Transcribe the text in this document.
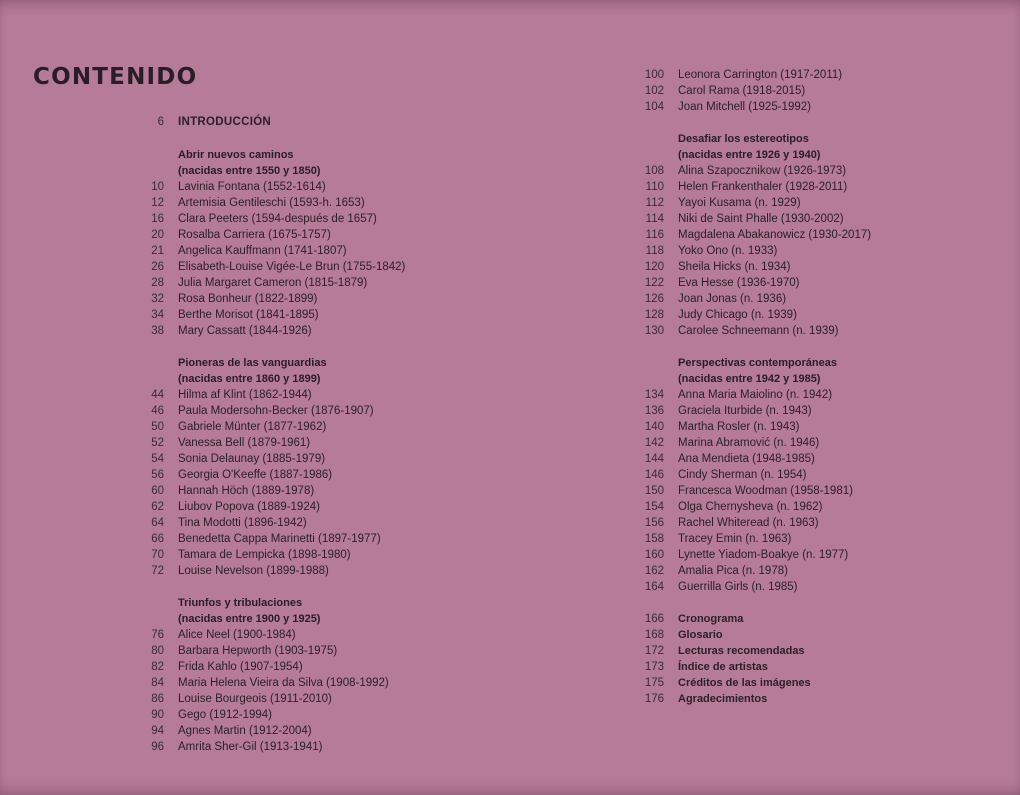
CONTENIDO
6 INTRODUCCIÓN
Abrir nuevos caminos
(nacidas entre 1550 y 1850)
10 Lavinia Fontana (1552-1614)
12 Artemisia Gentileschi (1593-h. 1653)
16 Clara Peeters (1594-después de 1657)
20 Rosalba Carriera (1675-1757)
21 Angelica Kauffmann (1741-1807)
26 Elisabeth-Louise Vigée-Le Brun (1755-1842)
28 Julia Margaret Cameron (1815-1879)
32 Rosa Bonheur (1822-1899)
34 Berthe Morisot (1841-1895)
38 Mary Cassatt (1844-1926)
Pioneras de las vanguardias
(nacidas entre 1860 y 1899)
44 Hilma af Klint (1862-1944)
46 Paula Modersohn-Becker (1876-1907)
50 Gabriele Münter (1877-1962)
52 Vanessa Bell (1879-1961)
54 Sonia Delaunay (1885-1979)
56 Georgia O'Keeffe (1887-1986)
60 Hannah Höch (1889-1978)
62 Liubov Popova (1889-1924)
64 Tina Modotti (1896-1942)
66 Benedetta Cappa Marinetti (1897-1977)
70 Tamara de Lempicka (1898-1980)
72 Louise Nevelson (1899-1988)
Triunfos y tribulaciones
(nacidas entre 1900 y 1925)
76 Alice Neel (1900-1984)
80 Barbara Hepworth (1903-1975)
82 Frida Kahlo (1907-1954)
84 Maria Helena Vieira da Silva (1908-1992)
86 Louise Bourgeois (1911-2010)
90 Gego (1912-1994)
94 Agnes Martin (1912-2004)
96 Amrita Sher-Gil (1913-1941)
100 Leonora Carrington (1917-2011)
102 Carol Rama (1918-2015)
104 Joan Mitchell (1925-1992)
Desafiar los estereotipos
(nacidas entre 1926 y 1940)
108 Alina Szapocznikow (1926-1973)
110 Helen Frankenthaler (1928-2011)
112 Yayoi Kusama (n. 1929)
114 Niki de Saint Phalle (1930-2002)
116 Magdalena Abakanowicz (1930-2017)
118 Yoko Ono (n. 1933)
120 Sheila Hicks (n. 1934)
122 Eva Hesse (1936-1970)
126 Joan Jonas (n. 1936)
128 Judy Chicago (n. 1939)
130 Carolee Schneemann (n. 1939)
Perspectivas contemporáneas
(nacidas entre 1942 y 1985)
134 Anna Maria Maiolino (n. 1942)
136 Graciela Iturbide (n. 1943)
140 Martha Rosler (n. 1943)
142 Marina Abramović (n. 1946)
144 Ana Mendieta (1948-1985)
146 Cindy Sherman (n. 1954)
150 Francesca Woodman (1958-1981)
154 Olga Chernysheva (n. 1962)
156 Rachel Whiteread (n. 1963)
158 Tracey Emin (n. 1963)
160 Lynette Yiadom-Boakye (n. 1977)
162 Amalia Pica (n. 1978)
164 Guerrilla Girls (n. 1985)
166 Cronograma
168 Glosario
172 Lecturas recomendadas
173 Índice de artistas
175 Créditos de las imágenes
176 Agradecimientos
